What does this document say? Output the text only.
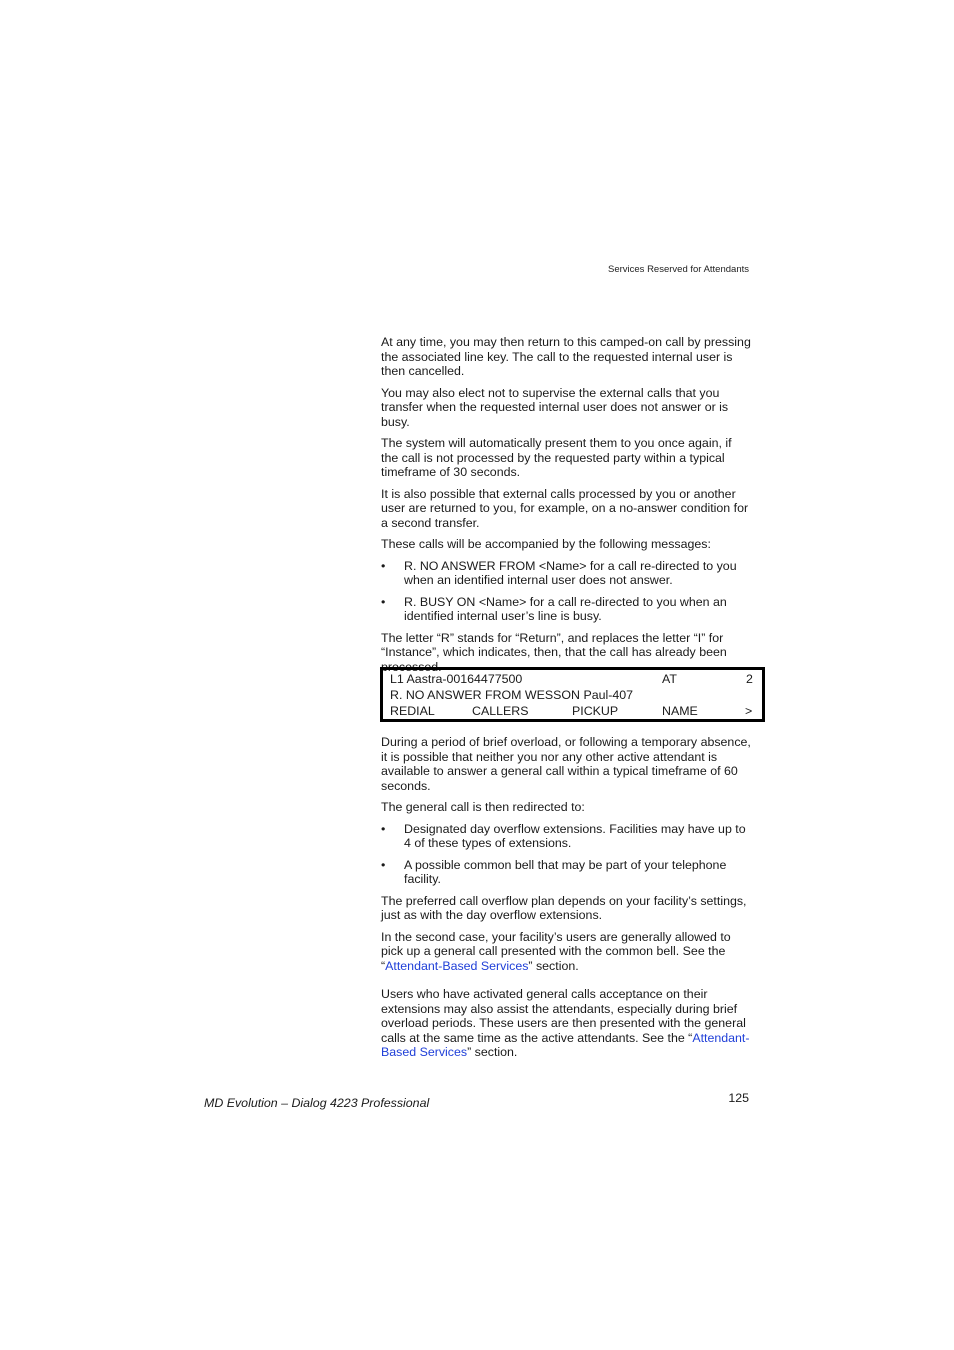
Services Reserved for Attendants

At any time, you may then return to this camped-on call by pressing the associated line key. The call to the requested internal user is then cancelled.

You may also elect not to supervise the external calls that you transfer when the requested internal user does not answer or is busy.

The system will automatically present them to you once again, if the call is not processed by the requested party within a typical timeframe of 30 seconds.

It is also possible that external calls processed by you or another user are returned to you, for example, on a no-answer condition for a second transfer.

These calls will be accompanied by the following messages:

• R. NO ANSWER FROM <Name> for a call re-directed to you when an identified internal user does not answer.
• R. BUSY ON <Name> for a call re-directed to you when an identified internal user’s line is busy.

The letter “R” stands for “Return”, and replaces the letter “I” for “Instance”, which indicates, then, that the call has already been processed.

L1 Aastra-00164477500	AT	2
R. NO ANSWER FROM WESSON Paul-407
REDIAL	CALLERS	PICKUP	NAME	>

During a period of brief overload, or following a temporary absence, it is possible that neither you nor any other active attendant is available to answer a general call within a typical timeframe of 60 seconds.

The general call is then redirected to:

• Designated day overflow extensions. Facilities may have up to 4 of these types of extensions.
• A possible common bell that may be part of your telephone facility.

The preferred call overflow plan depends on your facility’s settings, just as with the day overflow extensions.

In the second case, your facility’s users are generally allowed to pick up a general call presented with the common bell. See the “Attendant-Based Services” section.

Users who have activated general calls acceptance on their extensions may also assist the attendants, especially during brief overload periods. These users are then presented with the general calls at the same time as the active attendants. See the “Attendant-Based Services” section.

MD Evolution – Dialog 4223 Professional	125
